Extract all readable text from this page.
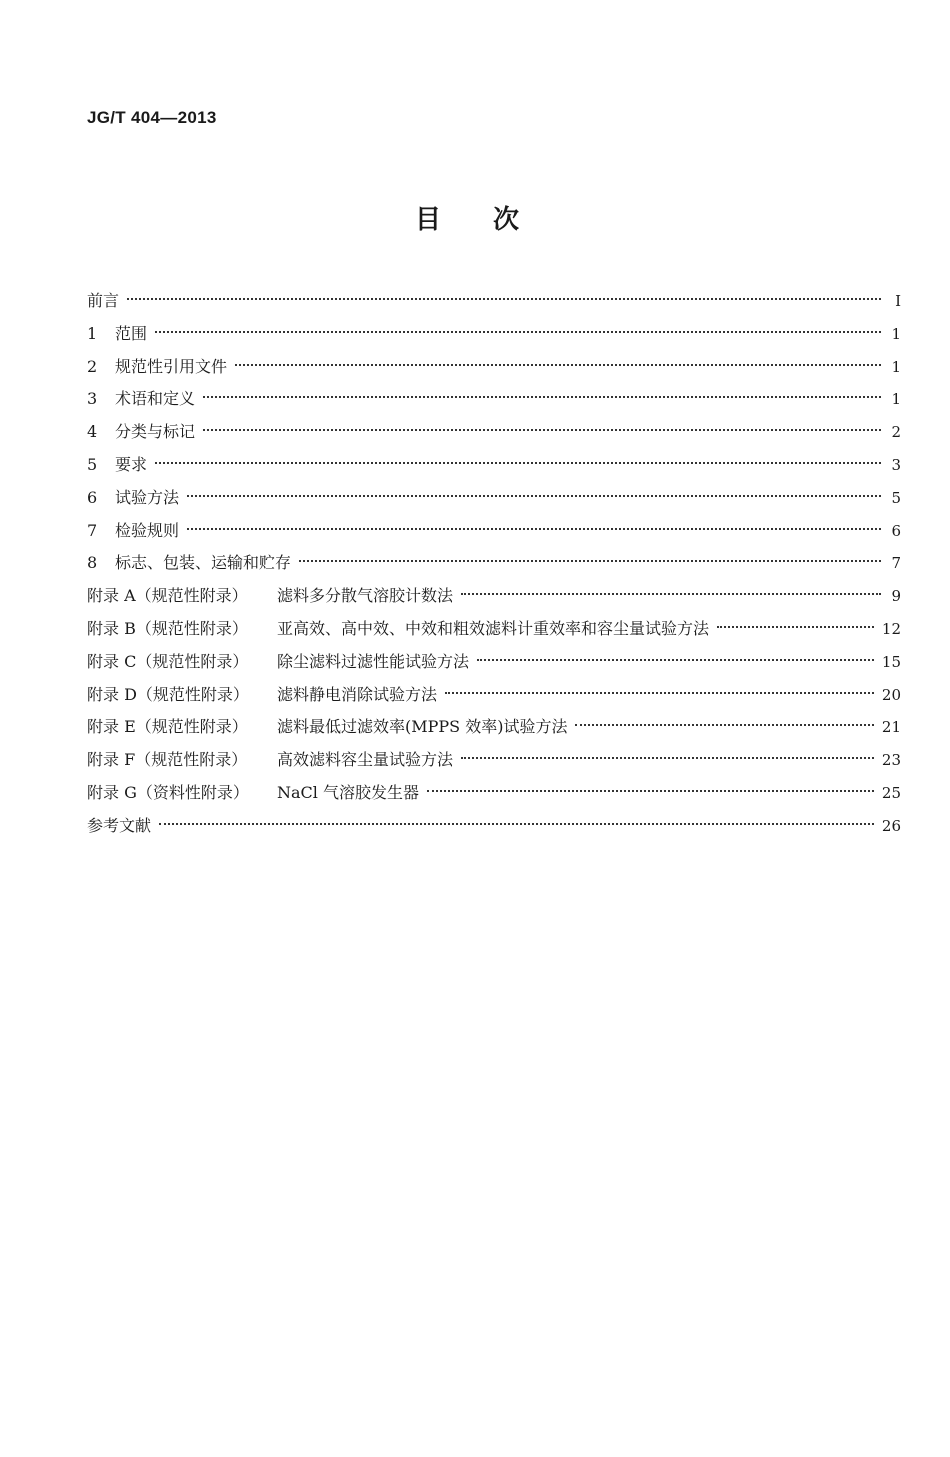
JG/T 404—2013
目次
前言	Ⅰ
1	范围	1
2	规范性引用文件	1
3	术语和定义	1
4	分类与标记	2
5	要求	3
6	试验方法	5
7	检验规则	6
8	标志、包装、运输和贮存	7
附录 A（规范性附录）	滤料多分散气溶胶计数法	9
附录 B（规范性附录）	亚高效、高中效、中效和粗效滤料计重效率和容尘量试验方法	12
附录 C（规范性附录）	除尘滤料过滤性能试验方法	15
附录 D（规范性附录）	滤料静电消除试验方法	20
附录 E（规范性附录）	滤料最低过滤效率(MPPS 效率)试验方法	21
附录 F（规范性附录）	高效滤料容尘量试验方法	23
附录 G（资料性附录）	NaCl 气溶胶发生器	25
参考文献	26
